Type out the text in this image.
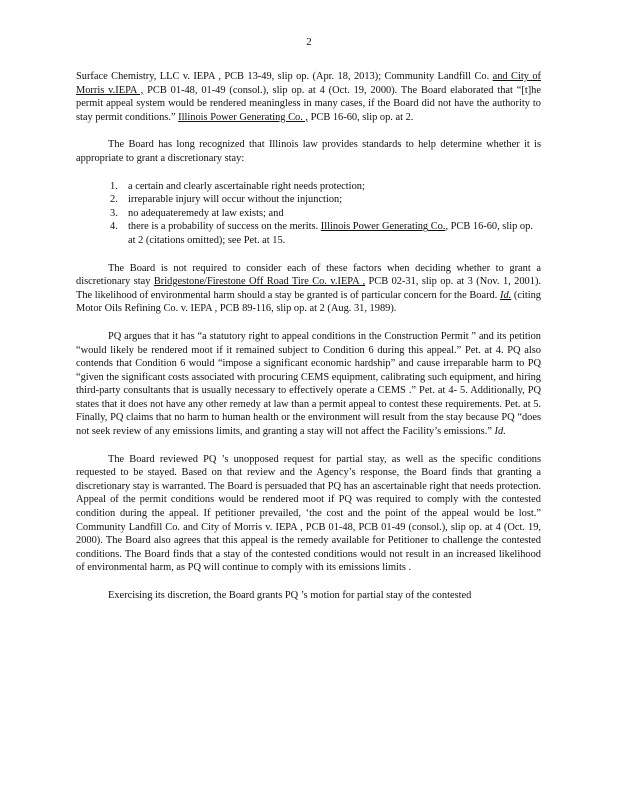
2

Surface Chemistry, LLC v. IEPA , PCB 13-49, slip op. (Apr. 18, 2013); Community Landfill Co. and City of Morris v.IEPA , PCB 01-48, 01-49 (consol.), slip op. at 4 (Oct. 19, 2000). The Board elaborated that “[t]he permit appeal system would be rendered meaningless in many cases, if the Board did not have the authority to stay permit conditions.” Illinois Power Generating Co. , PCB 16-60, slip op. at 2.

The Board has long recognized that Illinois law provides standards to help determine whether it is appropriate to grant a discretionary stay:

1. a certain and clearly ascertainable right needs protection;
2. irreparable injury will occur without the injunction;
3. no adequateremedy at law exists; and
4. there is a probability of success on the merits. Illinois Power Generating Co., PCB 16-60, slip op. at 2 (citations omitted); see Pet. at 15.

The Board is not required to consider each of these factors when deciding whether to grant a discretionary stay Bridgestone/Firestone Off Road Tire Co. v.IEPA , PCB 02-31, slip op. at 3 (Nov. 1, 2001). The likelihood of environmental harm should a stay be granted is of particular concern for the Board. Id. (citing Motor Oils Refining Co. v. IEPA , PCB 89-116, slip op. at 2 (Aug. 31, 1989).

PQ argues that it has “a statutory right to appeal conditions in the Construction Permit ” and its petition “would likely be rendered moot if it remained subject to Condition 6 during this appeal.” Pet. at 4. PQ also contends that Condition 6 would “impose a significant economic hardship” and cause irreparable harm to PQ “given the significant costs associated with procuring CEMS equipment, calibrating such equipment, and hiring third-party consultants that is usually necessary to effectively operate a CEMS .” Pet. at 4- 5. Additionally, PQ states that it does not have any other remedy at law than a permit appeal to contest these requirements. Pet. at 5. Finally, PQ claims that no harm to human health or the environment will result from the stay because PQ “does not seek review of any emissions limits, and granting a stay will not affect the Facility’s emissions.” Id.

The Board reviewed PQ ’s unopposed request for partial stay, as well as the specific conditions requested to be stayed. Based on that review and the Agency’s response, the Board finds that granting a discretionary stay is warranted. The Board is persuaded that PQ has an ascertainable right that needs protection. Appeal of the permit conditions would be rendered moot if PQ was required to comply with the contested condition during the appeal. If petitioner prevailed, ‘the cost and the point of the appeal would be lost.” Community Landfill Co. and City of Morris v. IEPA , PCB 01-48, PCB 01-49 (consol.), slip op. at 4 (Oct. 19, 2000). The Board also agrees that this appeal is the remedy available for Petitioner to challenge the contested conditions. The Board finds that a stay of the contested conditions would not result in an increased likelihood of environmental harm, as PQ will continue to comply with its emissions limits .

Exercising its discretion, the Board grants PQ ’s motion for partial stay of the contested
